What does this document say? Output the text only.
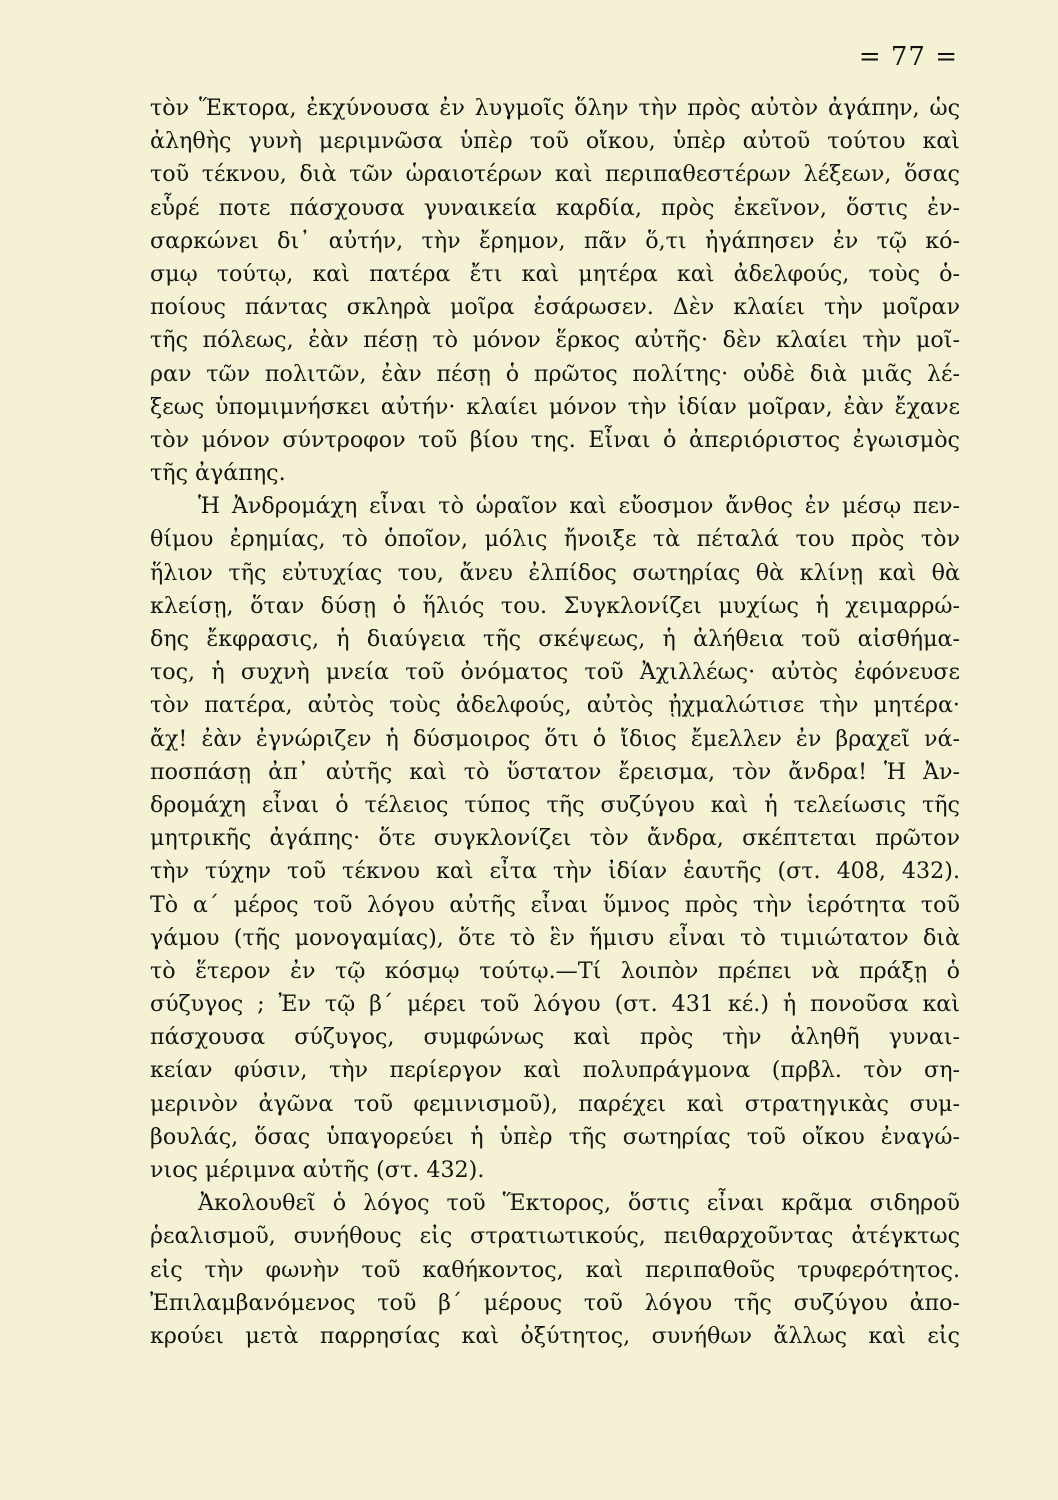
= 77 =
τὸν Ἕκτορα, ἐκχύνουσα ἐν λυγμοῖς ὅλην τὴν πρὸς αὐτὸν ἀγάπην, ὡς
ἀληθὴς γυνὴ μεριμνῶσα ὑπὲρ τοῦ οἴκου, ὑπὲρ αὐτοῦ τούτου καὶ
τοῦ τέκνου, διὰ τῶν ὡραιοτέρων καὶ περιπαθεστέρων λέξεων, ὅσας
εὗρέ ποτε πάσχουσα γυναικεία καρδία, πρὸς ἐκεῖνον, ὅστις ἐν-
σαρκώνει δι᾿ αὐτήν, τὴν ἔρημον, πᾶν ὅ,τι ἠγάπησεν ἐν τῷ κό-
σμῳ τούτῳ, καὶ πατέρα ἔτι καὶ μητέρα καὶ ἀδελφούς, τοὺς ὁ-
ποίους πάντας σκληρὰ μοῖρα ἐσάρωσεν. Δὲν κλαίει τὴν μοῖραν
τῆς πόλεως, ἐὰν πέσῃ τὸ μόνον ἕρκος αὐτῆς· δὲν κλαίει τὴν μοῖ-
ραν τῶν πολιτῶν, ἐὰν πέσῃ ὁ πρῶτος πολίτης· οὐδὲ διὰ μιᾶς λέ-
ξεως ὑπομιμνήσκει αὐτήν· κλαίει μόνον τὴν ἰδίαν μοῖραν, ἐὰν ἔχανε
τὸν μόνον σύντροφον τοῦ βίου της. Εἶναι ὁ ἀπεριόριστος ἐγωισμὸς
τῆς ἀγάπης.
Ἡ Ἀνδρομάχη εἶναι τὸ ὡραῖον καὶ εὔοσμον ἄνθος ἐν μέσῳ πεν-
θίμου ἐρημίας, τὸ ὁποῖον, μόλις ἤνοιξε τὰ πέταλά του πρὸς τὸν
ἥλιον τῆς εὐτυχίας του, ἄνευ ἐλπίδος σωτηρίας θὰ κλίνῃ καὶ θὰ
κλείσῃ, ὅταν δύσῃ ὁ ἥλιός του. Συγκλονίζει μυχίως ἡ χειμαρρώ-
δης ἔκφρασις, ἡ διαύγεια τῆς σκέψεως, ἡ ἀλήθεια τοῦ αἰσθήμα-
τος, ἡ συχνὴ μνεία τοῦ ὀνόματος τοῦ Ἀχιλλέως· αὐτὸς ἐφόνευσε
τὸν πατέρα, αὐτὸς τοὺς ἀδελφούς, αὐτὸς ᾐχμαλώτισε τὴν μητέρα·
ἄχ! ἐὰν ἐγνώριζεν ἡ δύσμοιρος ὅτι ὁ ἴδιος ἔμελλεν ἐν βραχεῖ νά-
ποσπάσῃ ἀπ᾿ αὐτῆς καὶ τὸ ὕστατον ἔρεισμα, τὸν ἄνδρα! Ἡ Ἀν-
δρομάχη εἶναι ὁ τέλειος τύπος τῆς συζύγου καὶ ἡ τελείωσις τῆς
μητρικῆς ἀγάπης· ὅτε συγκλονίζει τὸν ἄνδρα, σκέπτεται πρῶτον
τὴν τύχην τοῦ τέκνου καὶ εἶτα τὴν ἰδίαν ἑαυτῆς (στ. 408, 432).
Τὸ α΄ μέρος τοῦ λόγου αὐτῆς εἶναι ὕμνος πρὸς τὴν ἱερότητα τοῦ
γάμου (τῆς μονογαμίας), ὅτε τὸ ἓν ἥμισυ εἶναι τὸ τιμιώτατον διὰ
τὸ ἕτερον ἐν τῷ κόσμῳ τούτῳ.—Τί λοιπὸν πρέπει νὰ πράξῃ ὁ
σύζυγος ; Ἐν τῷ β΄ μέρει τοῦ λόγου (στ. 431 κέ.) ἡ πονοῦσα καὶ
πάσχουσα σύζυγος, συμφώνως καὶ πρὸς τὴν ἀληθῆ γυναι-
κείαν φύσιν, τὴν περίεργον καὶ πολυπράγμονα (πρβλ. τὸν ση-
μερινὸν ἀγῶνα τοῦ φεμινισμοῦ), παρέχει καὶ στρατηγικὰς συμ-
βουλάς, ὅσας ὑπαγορεύει ἡ ὑπὲρ τῆς σωτηρίας τοῦ οἴκου ἐναγώ-
νιος μέριμνα αὐτῆς (στ. 432).
Ἀκολουθεῖ ὁ λόγος τοῦ Ἕκτορος, ὅστις εἶναι κρᾶμα σιδηροῦ
ῥεαλισμοῦ, συνήθους εἰς στρατιωτικούς, πειθαρχοῦντας ἀτέγκτως
εἰς τὴν φωνὴν τοῦ καθήκοντος, καὶ περιπαθοῦς τρυφερότητος.
Ἐπιλαμβανόμενος τοῦ β΄ μέρους τοῦ λόγου τῆς συζύγου ἀπο-
κρούει μετὰ παρρησίας καὶ ὀξύτητος, συνήθων ἄλλως καὶ εἰς
